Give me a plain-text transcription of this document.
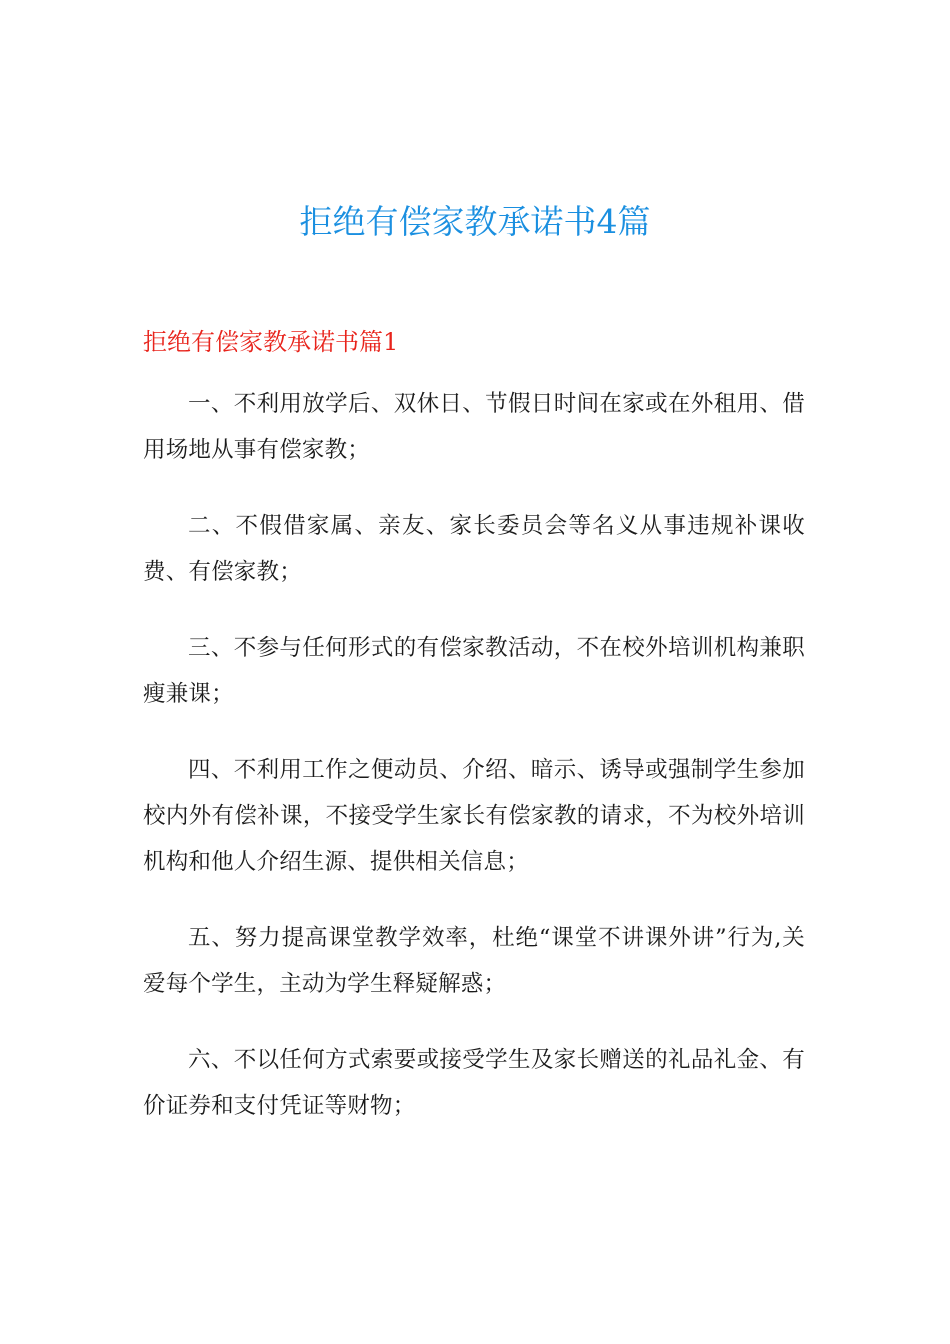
拒绝有偿家教承诺书4篇
拒绝有偿家教承诺书篇1

一、不利用放学后、双休日、节假日时间在家或在外租用、借用场地从事有偿家教；

二、不假借家属、亲友、家长委员会等名义从事违规补课收费、有偿家教；

三、不参与任何形式的有偿家教活动，不在校外培训机构兼职瘦兼课；

四、不利用工作之便动员、介绍、暗示、诱导或强制学生参加校内外有偿补课，不接受学生家长有偿家教的请求，不为校外培训机构和他人介绍生源、提供相关信息；

五、努力提高课堂教学效率，杜绝“课堂不讲课外讲”行为,关爱每个学生，主动为学生释疑解惑；

六、不以任何方式索要或接受学生及家长赠送的礼品礼金、有价证券和支付凭证等财物；
